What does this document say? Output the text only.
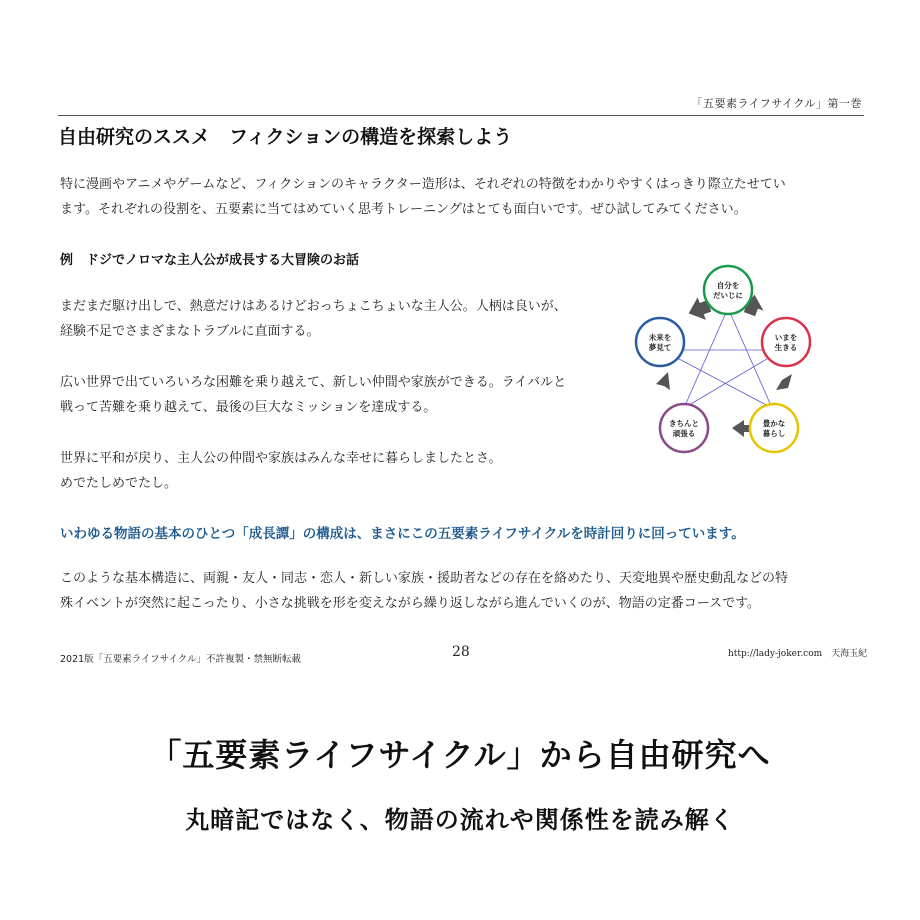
「五要素ライフサイクル」第一巻
自由研究のススメ　フィクションの構造を探索しよう
特に漫画やアニメやゲームなど、フィクションのキャラクター造形は、それぞれの特徴をわかりやすくはっきり際立たせてい
ます。それぞれの役割を、五要素に当てはめていく思考トレーニングはとても面白いです。ぜひ試してみてください。
例　ドジでノロマな主人公が成長する大冒険のお話
まだまだ駆け出しで、熱意だけはあるけどおっちょこちょいな主人公。人柄は良いが、
経験不足でさまざまなトラブルに直面する。
広い世界で出ていろいろな困難を乗り越えて、新しい仲間や家族ができる。ライバルと
戦って苦難を乗り越えて、最後の巨大なミッションを達成する。
世界に平和が戻り、主人公の仲間や家族はみんな幸せに暮らしましたとさ。
めでたしめでたし。
自分を
だいじに
いまを
生きる
豊かな
暮らし
きちんと
頑張る
未来を
夢見て
いわゆる物語の基本のひとつ「成長譚」の構成は、まさにこの五要素ライフサイクルを時計回りに回っています。
このような基本構造に、両親・友人・同志・恋人・新しい家族・援助者などの存在を絡めたり、天変地異や歴史動乱などの特
殊イベントが突然に起こったり、小さな挑戦を形を変えながら繰り返しながら進んでいくのが、物語の定番コースです。
2021版「五要素ライフサイクル」不許複製・禁無断転載	28	http://lady-joker.com　天海玉紀
「五要素ライフサイクル」から自由研究へ
丸暗記ではなく、物語の流れや関係性を読み解く
